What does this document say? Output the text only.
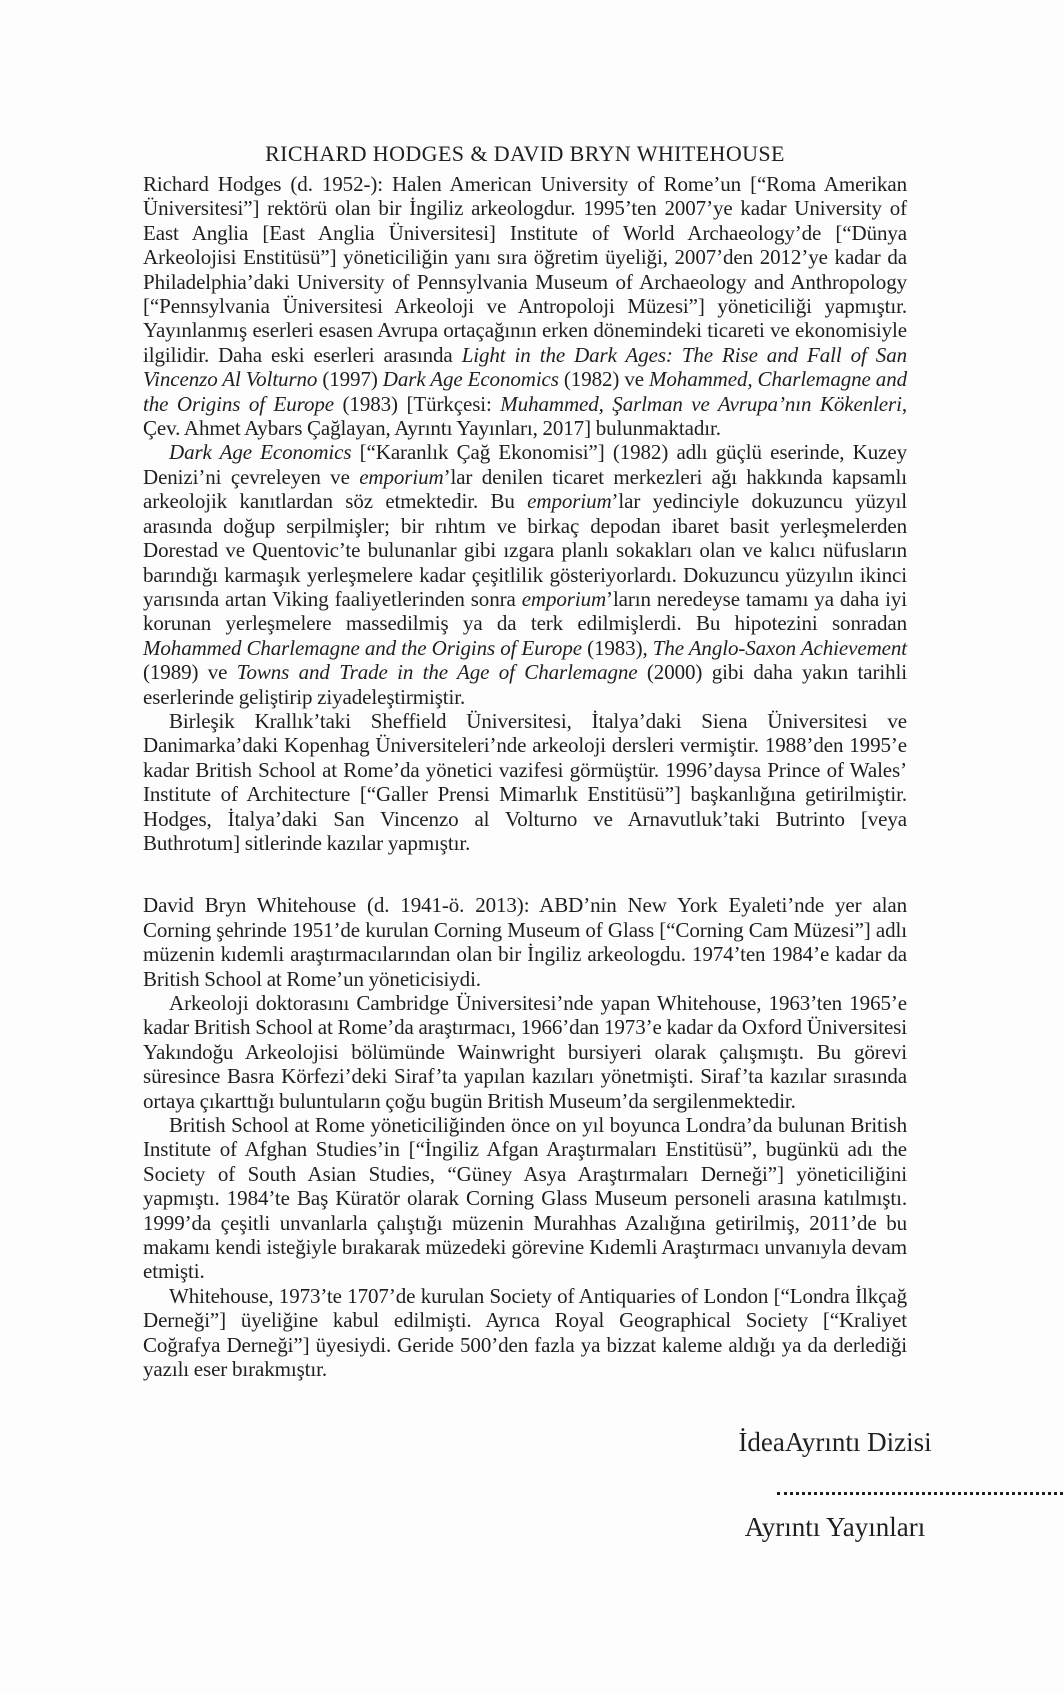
RICHARD HODGES & DAVID BRYN WHITEHOUSE

Richard Hodges (d. 1952-): Halen American University of Rome’un [“Roma Amerikan Üniversitesi”] rektörü olan bir İngiliz arkeologdur. 1995’ten 2007’ye kadar University of East Anglia [East Anglia Üniversitesi] Institute of World Archaeology’de [“Dünya Arkeolojisi Enstitüsü”] yöneticiliğin yanı sıra öğretim üyeliği, 2007’den 2012’ye kadar da Philadelphia’daki University of Pennsylvania Museum of Archaeology and Anthropology [“Pennsylvania Üniversitesi Arkeoloji ve Antropoloji Müzesi”] yöneticiliği yapmıştır. Yayınlanmış eserleri esasen Avrupa ortaçağının erken dönemindeki ticareti ve ekonomisiyle ilgilidir. Daha eski eserleri arasında Light in the Dark Ages: The Rise and Fall of San Vincenzo Al Volturno (1997) Dark Age Economics (1982) ve Mohammed, Charlemagne and the Origins of Europe (1983) [Türkçesi: Muhammed, Şarlman ve Avrupa’nın Kökenleri, Çev. Ahmet Aybars Çağlayan, Ayrıntı Yayınları, 2017] bulunmaktadır.

Dark Age Economics [“Karanlık Çağ Ekonomisi”] (1982) adlı güçlü eserinde, Kuzey Denizi’ni çevreleyen ve emporium’lar denilen ticaret merkezleri ağı hakkında kapsamlı arkeolojik kanıtlardan söz etmektedir. Bu emporium’lar yedinciyle dokuzuncu yüzyıl arasında doğup serpilmişler; bir rıhtım ve birkaç depodan ibaret basit yerleşmelerden Dorestad ve Quentovic’te bulunanlar gibi ızgara planlı sokakları olan ve kalıcı nüfusların barındığı karmaşık yerleşmelere kadar çeşitlilik gösteriyorlardı. Dokuzuncu yüzyılın ikinci yarısında artan Viking faaliyetlerinden sonra emporium’ların neredeyse tamamı ya daha iyi korunan yerleşmelere massedilmiş ya da terk edilmişlerdi. Bu hipotezini sonradan Mohammed Charlemagne and the Origins of Europe (1983), The Anglo-Saxon Achievement (1989) ve Towns and Trade in the Age of Charlemagne (2000) gibi daha yakın tarihli eserlerinde geliştirip ziyadeleştirmiştir.

Birleşik Krallık’taki Sheffield Üniversitesi, İtalya’daki Siena Üniversitesi ve Danimarka’daki Kopenhag Üniversiteleri’nde arkeoloji dersleri vermiştir. 1988’den 1995’e kadar British School at Rome’da yönetici vazifesi görmüştür. 1996’daysa Prince of Wales’ Institute of Architecture [“Galler Prensi Mimarlık Enstitüsü”] başkanlığına getirilmiştir. Hodges, İtalya’daki San Vincenzo al Volturno ve Arnavutluk’taki Butrinto [veya Buthrotum] sitlerinde kazılar yapmıştır.

David Bryn Whitehouse (d. 1941-ö. 2013): ABD’nin New York Eyaleti’nde yer alan Corning şehrinde 1951’de kurulan Corning Museum of Glass [“Corning Cam Müzesi”] adlı müzenin kıdemli araştırmacılarından olan bir İngiliz arkeologdu. 1974’ten 1984’e kadar da British School at Rome’un yöneticisiydi.

Arkeoloji doktorasını Cambridge Üniversitesi’nde yapan Whitehouse, 1963’ten 1965’e kadar British School at Rome’da araştırmacı, 1966’dan 1973’e kadar da Oxford Üniversitesi Yakındoğu Arkeolojisi bölümünde Wainwright bursiyeri olarak çalışmıştı. Bu görevi süresince Basra Körfezi’deki Siraf’ta yapılan kazıları yönetmişti. Siraf’ta kazılar sırasında ortaya çıkarttığı buluntuların çoğu bugün British Museum’da sergilenmektedir.

British School at Rome yöneticiliğinden önce on yıl boyunca Londra’da bulunan British Institute of Afghan Studies’in [“İngiliz Afgan Araştırmaları Enstitüsü”, bugünkü adı the Society of South Asian Studies, “Güney Asya Araştırmaları Derneği”] yöneticiliğini yapmıştı. 1984’te Baş Küratör olarak Corning Glass Museum personeli arasına katılmıştı. 1999’da çeşitli unvanlarla çalıştığı müzenin Murahhas Azalığına getirilmiş, 2011’de bu makamı kendi isteğiyle bırakarak müzedeki görevine Kıdemli Araştırmacı unvanıyla devam etmişti.

Whitehouse, 1973’te 1707’de kurulan Society of Antiquaries of London [“Londra İlkçağ Derneği”] üyeliğine kabul edilmişti. Ayrıca Royal Geographical Society [“Kraliyet Coğrafya Derneği”] üyesiydi. Geride 500’den fazla ya bizzat kaleme aldığı ya da derlediği yazılı eser bırakmıştır.

İdeaAyrıntı Dizisi
Ayrıntı Yayınları
